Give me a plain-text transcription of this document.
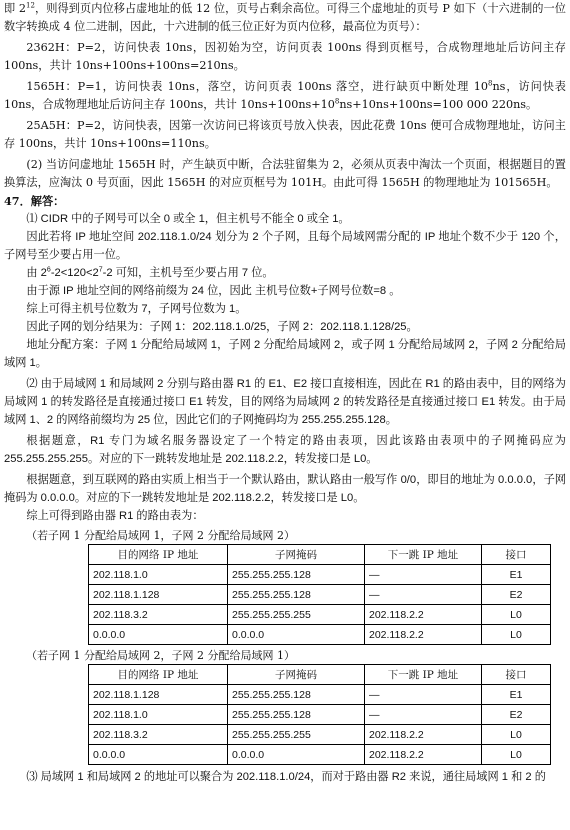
即 $2^{12}$，则得到页内位移占虚地址的低 12 位，页号占剩余高位。可得三个虚地址的页号 P 如下（十六进制的一位数字转换成 4 位二进制，因此，十六进制的低三位正好为页内位移，最高位为页号）：

2362H：P=2，访问快表 10ns，因初始为空，访问页表 100ns 得到页框号，合成物理地址后访问主存 100ns，共计 10ns+100ns+100ns=210ns。

1565H：P=1，访问快表 10ns，落空，访问页表 100ns 落空，进行缺页中断处理 $10^8ns$，访问快表 10ns，合成物理地址后访问主存 100ns，共计 $10ns+100ns+10^8ns+10ns+100ns=100$ 000 220ns。

25A5H：P=2，访问快表，因第一次访问已将该页号放入快表，因此花费 10ns 便可合成物理地址，访问主存 100ns，共计 10ns+100ns=110ns。

(2) 当访问虚地址 1565H 时，产生缺页中断，合法驻留集为 2，必须从页表中淘汰一个页面，根据题目的置换算法，应淘汰 0 号页面，因此 1565H 的对应页框号为 101H。由此可得 1565H 的物理地址为 101565H。

47．解答：

⑴ CIDR 中的子网号可以全 0 或全 1，但主机号不能全 0 或全 1。

因此若将 IP 地址空间 202.118.1.0/24 划分为 2 个子网，且每个局域网需分配的 IP 地址个数不少于 120 个，子网号至少要占用一位。

由 $2^6-2<120<2^7-2$ 可知，主机号至少要占用 7 位。

由于源 IP 地址空间的网络前缀为 24 位，因此 主机号位数+子网号位数=8 。

综上可得主机号位数为 7，子网号位数为 1。

因此子网的划分结果为：子网 1：202.118.1.0/25，子网 2：202.118.1.128/25。

地址分配方案：子网 1 分配给局域网 1，子网 2 分配给局域网 2，或子网 1 分配给局域网 2，子网 2 分配给局域网 1。

⑵ 由于局域网 1 和局域网 2 分别与路由器 R1 的 E1、E2 接口直接相连，因此在 R1 的路由表中，目的网络为局域网 1 的转发路径是直接通过接口 E1 转发，目的网络为局域网 2 的转发路径是直接通过接口 E1 转发。由于局域网 1、2 的网络前缀均为 25 位，因此它们的子网掩码均为 255.255.255.128。

根据题意，R1 专门为域名服务器设定了一个特定的路由表项，因此该路由表项中的子网掩码应为 255.255.255.255。对应的下一跳转发地址是 202.118.2.2，转发接口是 L0。

根据题意，到互联网的路由实质上相当于一个默认路由，默认路由一般写作 0/0，即目的地址为 0.0.0.0，子网掩码为 0.0.0.0。对应的下一跳转发地址是 202.118.2.2，转发接口是 L0。

综上可得到路由器 R1 的路由表为：

（若子网 1 分配给局域网 1，子网 2 分配给局域网 2）

目的网络 IP 地址	子网掩码	下一跳 IP 地址	接口
202.118.1.0	255.255.255.128	—	E1
202.118.1.128	255.255.255.128	—	E2
202.118.3.2	255.255.255.255	202.118.2.2	L0
0.0.0.0	0.0.0.0	202.118.2.2	L0

（若子网 1 分配给局域网 2，子网 2 分配给局域网 1）

目的网络 IP 地址	子网掩码	下一跳 IP 地址	接口
202.118.1.128	255.255.255.128	—	E1
202.118.1.0	255.255.255.128	—	E2
202.118.3.2	255.255.255.255	202.118.2.2	L0
0.0.0.0	0.0.0.0	202.118.2.2	L0

⑶ 局域网 1 和局域网 2 的地址可以聚合为 202.118.1.0/24，而对于路由器 R2 来说，通往局域网 1 和 2 的
